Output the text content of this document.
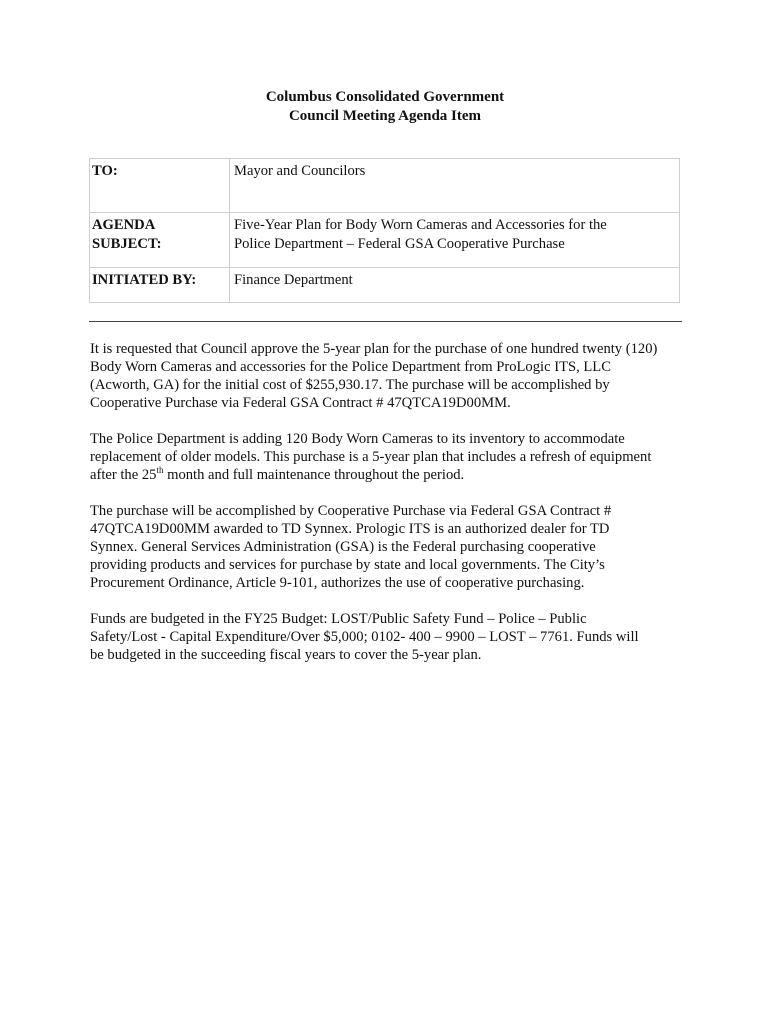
Columbus Consolidated Government
Council Meeting Agenda Item
TO:	Mayor and Councilors

AGENDA
SUBJECT:	Five-Year Plan for Body Worn Cameras and Accessories for the
Police Department – Federal GSA Cooperative Purchase

INITIATED BY:	Finance Department

It is requested that Council approve the 5-year plan for the purchase of one hundred twenty (120)
Body Worn Cameras and accessories for the Police Department from ProLogic ITS, LLC
(Acworth, GA) for the initial cost of $255,930.17. The purchase will be accomplished by
Cooperative Purchase via Federal GSA Contract # 47QTCA19D00MM.

The Police Department is adding 120 Body Worn Cameras to its inventory to accommodate
replacement of older models. This purchase is a 5-year plan that includes a refresh of equipment
after the 25th month and full maintenance throughout the period.

The purchase will be accomplished by Cooperative Purchase via Federal GSA Contract #
47QTCA19D00MM awarded to TD Synnex. Prologic ITS is an authorized dealer for TD
Synnex. General Services Administration (GSA) is the Federal purchasing cooperative
providing products and services for purchase by state and local governments. The City’s
Procurement Ordinance, Article 9-101, authorizes the use of cooperative purchasing.

Funds are budgeted in the FY25 Budget: LOST/Public Safety Fund – Police – Public
Safety/Lost - Capital Expenditure/Over $5,000; 0102- 400 – 9900 – LOST – 7761. Funds will
be budgeted in the succeeding fiscal years to cover the 5-year plan.
